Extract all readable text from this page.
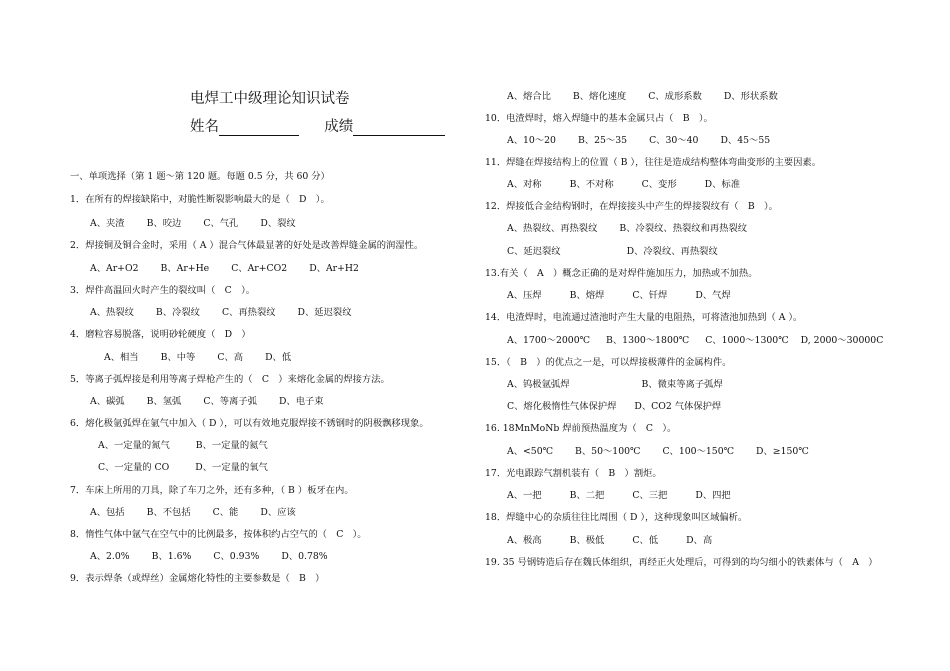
电焊工中级理论知识试卷
姓名	成绩
一、单项选择（第 1 题～第 120 题。每题 0.5 分，共 60 分）
1．在所有的焊接缺陷中，对脆性断裂影响最大的是（　D　）。
A、夹渣 B、咬边 C、气孔 D、裂纹
2．焊接铜及铜合金时，采用（ A ）混合气体最显著的好处是改善焊缝金属的润湿性。
A、Ar+O2 B、Ar+He C、Ar+CO2 D、Ar+H2
3．焊件高温回火时产生的裂纹叫（　C　）。
A、热裂纹 B、冷裂纹 C、再热裂纹 D、延迟裂纹
4．磨粒容易脱落，说明砂轮硬度（　D　）
A、相当 B、中等 C、高 D、低
5．等离子弧焊接是利用等离子焊枪产生的（　C　）来熔化金属的焊接方法。
A、碳弧 B、氢弧 C、等离子弧 D、电子束
6．熔化极氩弧焊在氩气中加入（ D ），可以有效地克服焊接不锈钢时的阴极飘移现象。
A、一定量的氮气	B、一定量的氦气
C、一定量的 CO	D、一定量的氧气
7．车床上所用的刀具，除了车刀之外，还有多种，（ B ）板牙在内。
A、包括 B、不包括 C、能 D、应该
8．惰性气体中氩气在空气中的比例最多，按体积约占空气的（　C　）。
A、2.0% B、1.6% C、0.93% D、0.78%
9．表示焊条（或焊丝）金属熔化特性的主要参数是（　B　）
A、熔合比 B、熔化速度 C、成形系数 D、形状系数
10．电渣焊时，熔入焊缝中的基本金属只占（　B　）。
A、10～20 B、25～35 C、30～40 D、45～55
11．焊缝在焊接结构上的位置（ B ），往往是造成结构整体弯曲变形的主要因素。
A、对称	B、不对称	C、变形	D、标准
12．焊接低合金结构钢时，在焊接接头中产生的焊接裂纹有（　B　）。
A、热裂纹、再热裂纹 B、冷裂纹、热裂纹和再热裂纹
C、延迟裂纹	D、冷裂纹、再热裂纹
13.有关（　A　）概念正确的是对焊件施加压力，加热或不加热。
A、压焊	B、熔焊	C、钎焊	D、气焊
14．电渣焊时，电流通过渣池时产生大量的电阻热，可将渣池加热到（ A ）。
A、1700～2000℃ B、1300～1800℃ C、1000～1300℃ D, 2000～30000C
15．（　B　）的优点之一是，可以焊接极薄件的金属构件。
A、钨极氩弧焊	B、微束等离子弧焊
C、熔化极惰性气体保护焊 D、CO2 气体保护焊
16. 18MnMoNb 焊前预热温度为（　C　）。
A、<50℃ B、50～100℃ C、100～150℃ D、≥150℃
17．光电跟踪气割机装有（　B　）割炬。
A、一把	B、二把	C、三把	D、四把
18．焊缝中心的杂质往往比周围（ D ），这种现象叫区域偏析。
A、极高	B、极低	C、低	D、高
19. 35 号钢铸造后存在魏氏体组织，再经正火处理后，可得到的均匀细小的铁素体与（　A　）
